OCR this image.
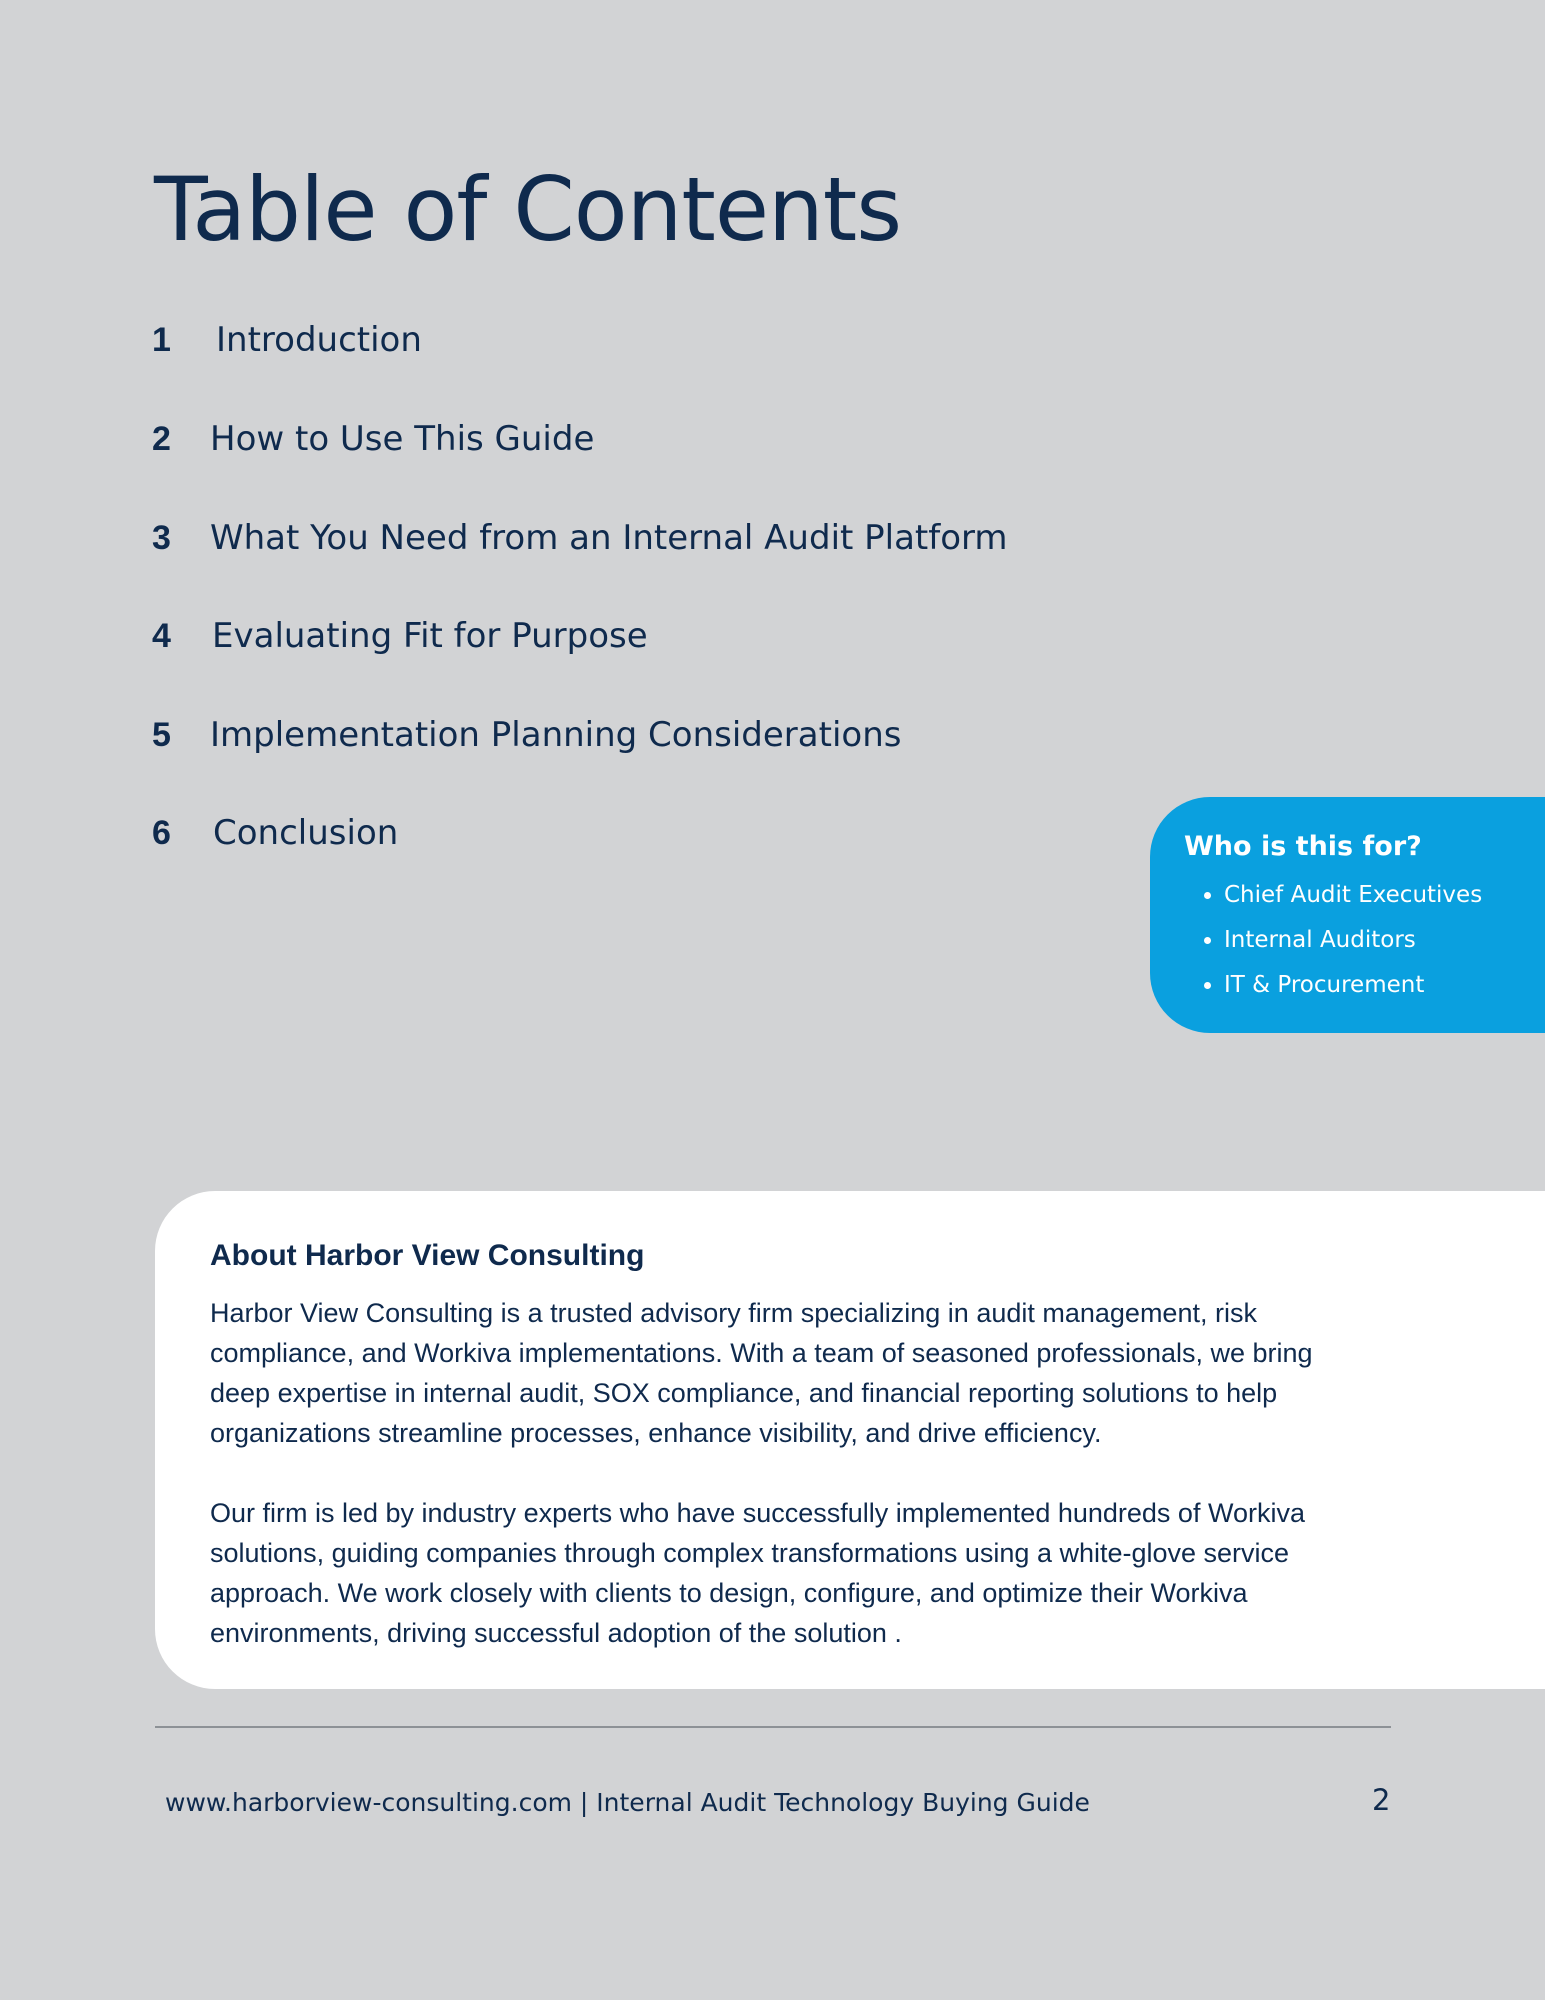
Table of Contents
1 Introduction
2 How to Use This Guide
3 What You Need from an Internal Audit Platform
4 Evaluating Fit for Purpose
5 Implementation Planning Considerations
6 Conclusion	Who is this for?
• Chief Audit Executives
• Internal Auditors
• IT & Procurement
About Harbor View Consulting

Harbor View Consulting is a trusted advisory firm specializing in audit management, risk compliance, and Workiva implementations. With a team of seasoned professionals, we bring deep expertise in internal audit, SOX compliance, and financial reporting solutions to help organizations streamline processes, enhance visibility, and drive efficiency.

Our firm is led by industry experts who have successfully implemented hundreds of Workiva solutions, guiding companies through complex transformations using a white-glove service approach. We work closely with clients to design, configure, and optimize their Workiva environments, driving successful adoption of the solution .

www.harborview-consulting.com | Internal Audit Technology Buying Guide	2
